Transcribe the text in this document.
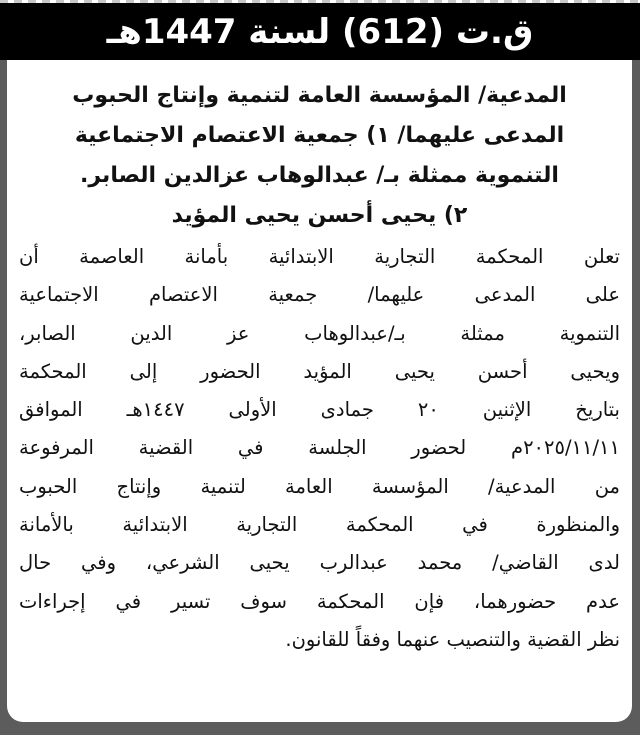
ق.ت (612) لسنة 1447هـ
المدعية/ المؤسسة العامة لتنمية وإنتاج الحبوب
المدعى عليهما/ ١) جمعية الاعتصام الاجتماعية
التنموية ممثلة بـ/ عبدالوهاب عزالدين الصابر.
٢) يحيى أحسن يحيى المؤيد
تعلن المحكمة التجارية الابتدائية بأمانة العاصمة أن
على المدعى عليهما/ جمعية الاعتصام الاجتماعية
التنموية ممثلة بـ/عبدالوهاب عز الدين الصابر،
ويحيى أحسن يحيى المؤيد الحضور إلى المحكمة
بتاريخ الإثنين ٢٠ جمادى الأولى ١٤٤٧هـ الموافق
٢٠٢٥/١١/١١م لحضور الجلسة في القضية المرفوعة
من المدعية/ المؤسسة العامة لتنمية وإنتاج الحبوب
والمنظورة في المحكمة التجارية الابتدائية بالأمانة
لدى القاضي/ محمد عبدالرب يحيى الشرعي، وفي حال
عدم حضورهما، فإن المحكمة سوف تسير في إجراءات
نظر القضية والتنصيب عنهما وفقاً للقانون.
